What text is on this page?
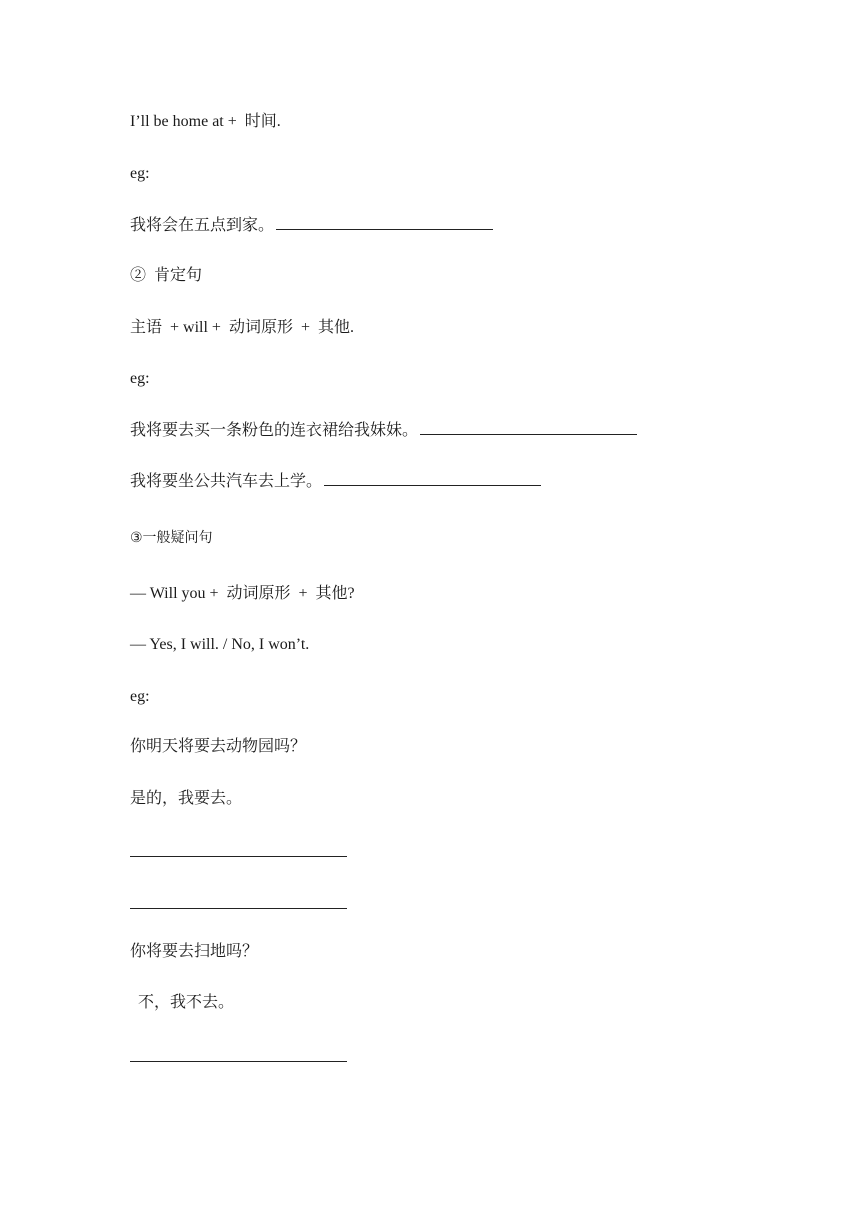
I’ll be home at +  时间.
eg:
我将会在五点到家。
②  肯定句
主语  + will +  动词原形  +  其他.
eg:
我将要去买一条粉色的连衣裙给我妹妹。
我将要坐公共汽车去上学。
③一般疑问句
— Will you +  动词原形  +  其他?
— Yes, I will. / No, I won’t.
eg:
你明天将要去动物园吗？
是的，我要去。
你将要去扫地吗？
不，我不去。
